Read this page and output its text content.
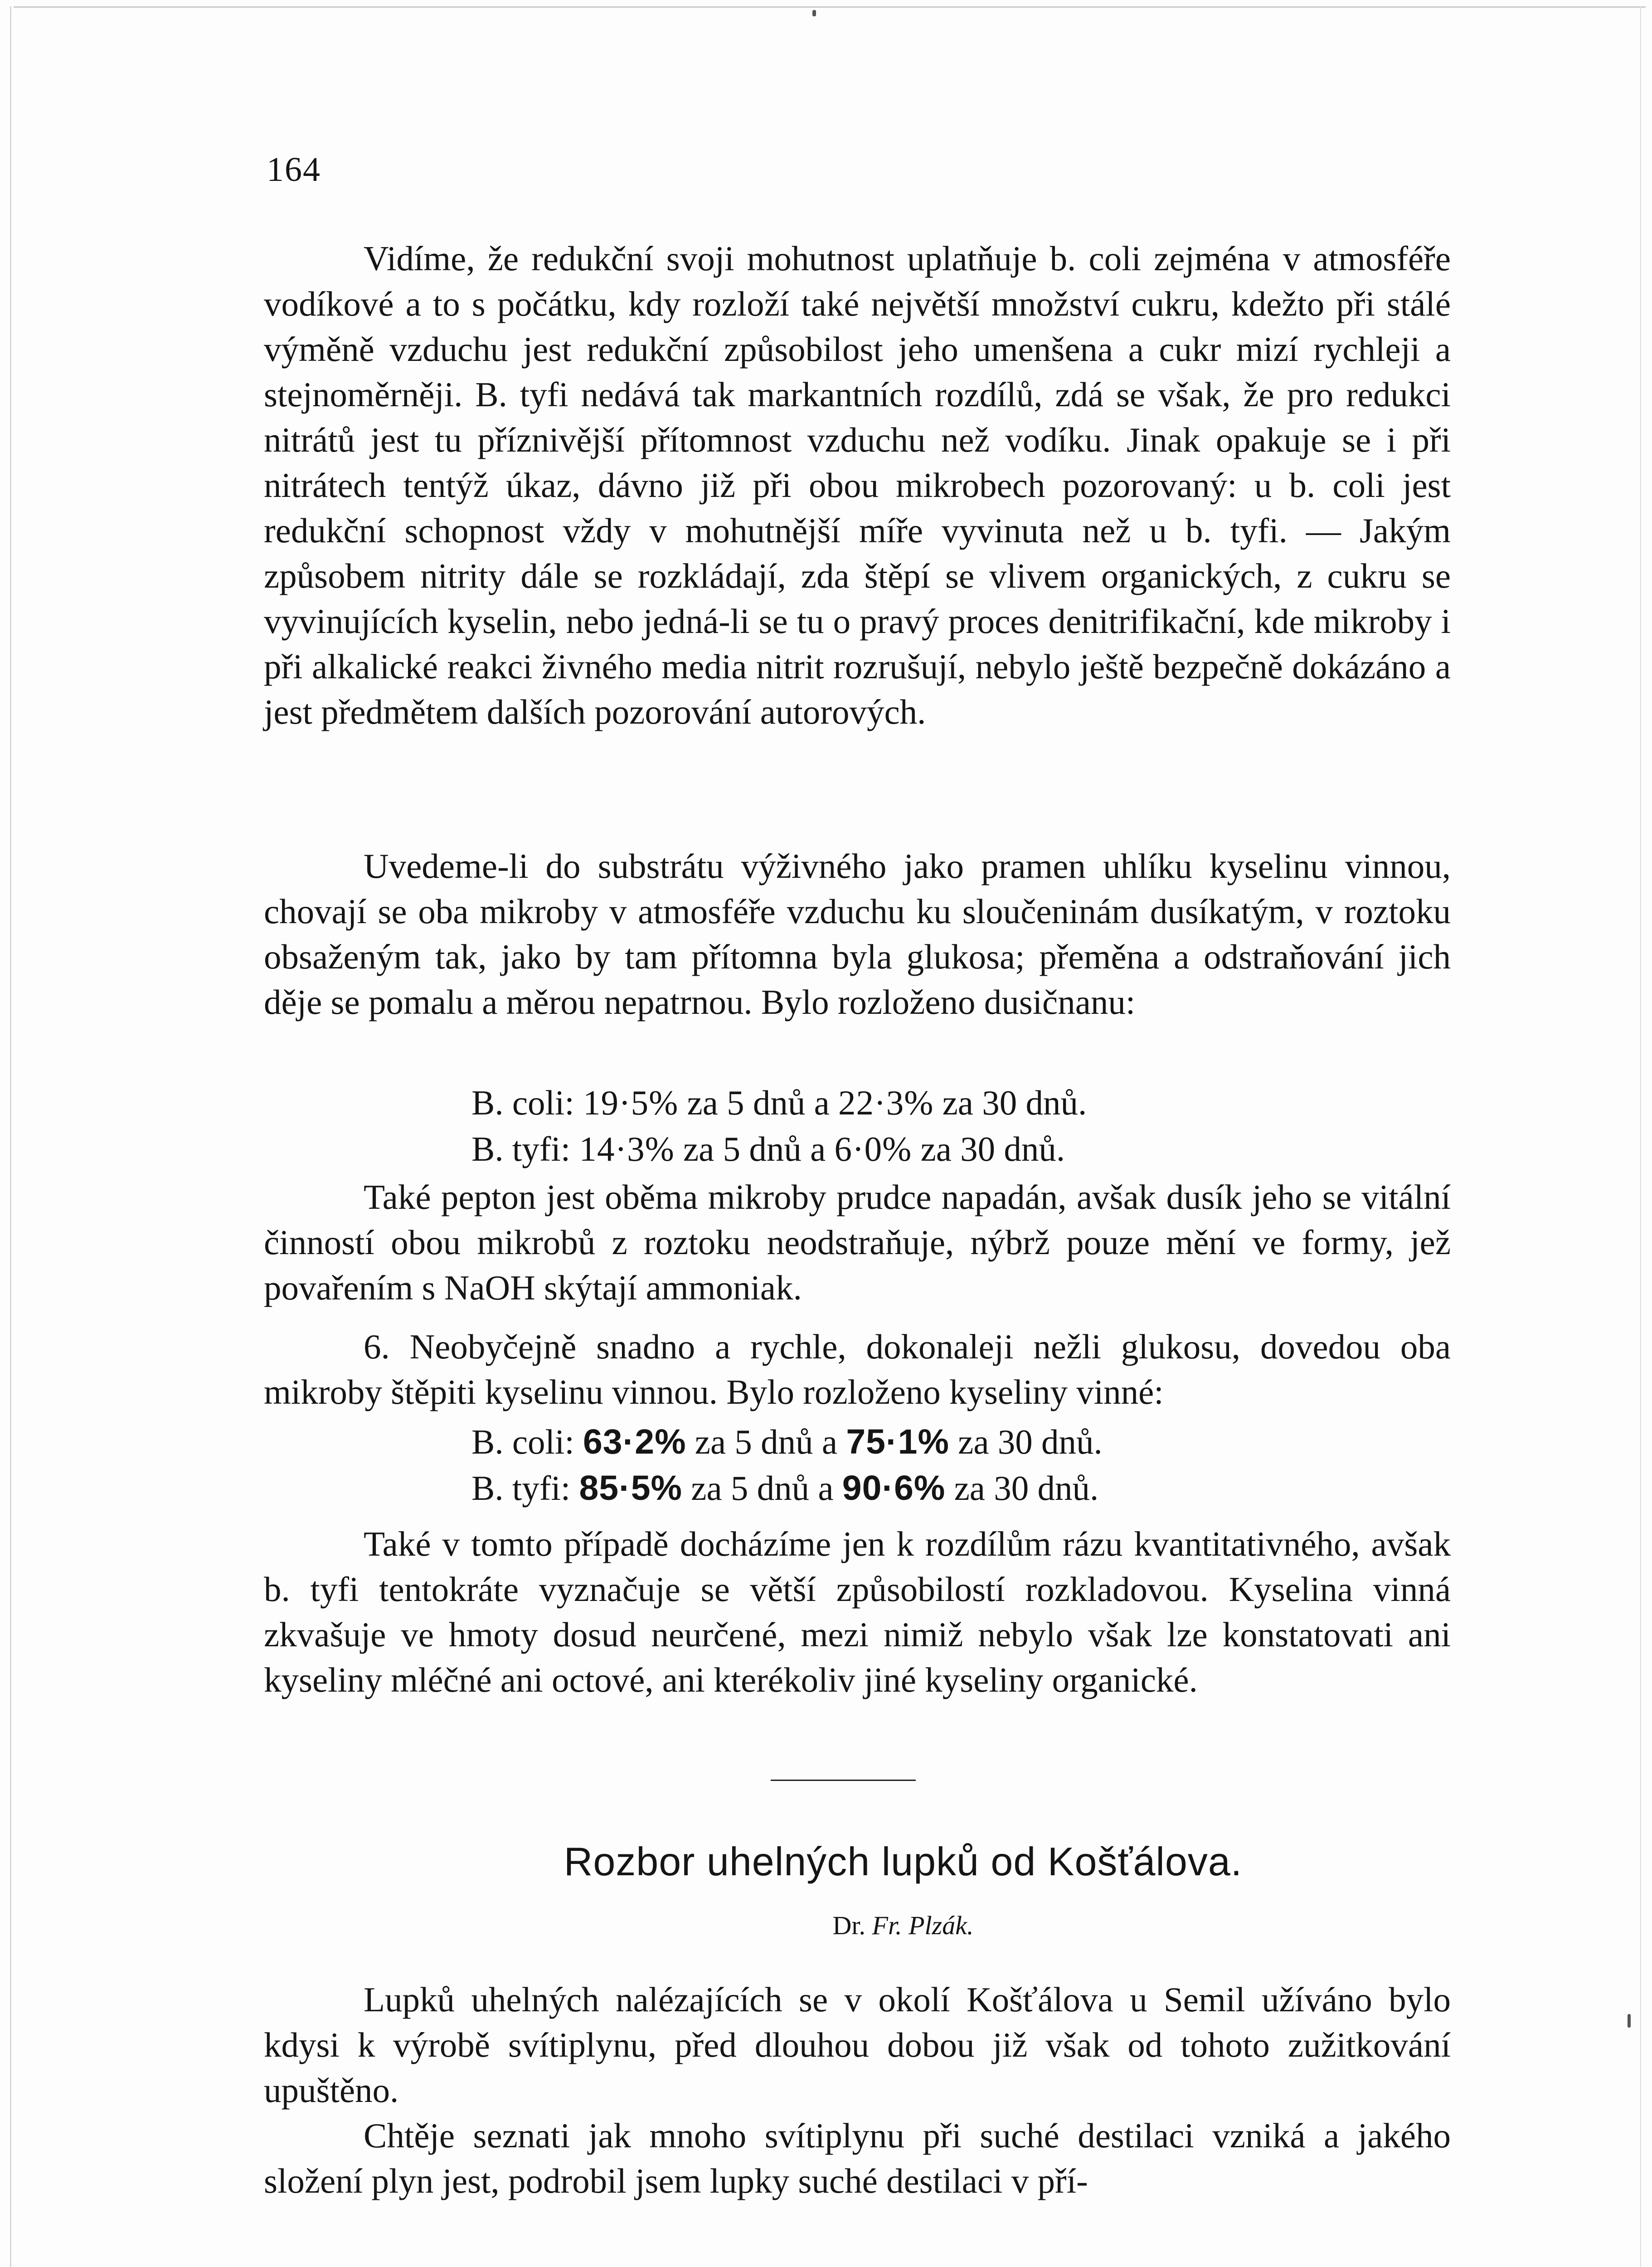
164

Vidíme, že redukční svoji mohutnost uplatňuje b. coli zejména v atmosféře vodíkové a to s počátku, kdy rozloží také největší množství cukru, kdežto při stálé výměně vzduchu jest redukční způsobilost jeho umenšena a cukr mizí rychleji a stejnoměrněji. B. tyfi nedává tak markantních rozdílů, zdá se však, že pro redukci nitrátů jest tu příznivější přítomnost vzduchu než vodíku. Jinak opakuje se i při nitrátech tentýž úkaz, dávno již při obou mikrobech pozorovaný: u b. coli jest redukční schopnost vždy v mohutnější míře vyvinuta než u b. tyfi. — Jakým způsobem nitrity dále se rozkládají, zda štěpí se vlivem organických, z cukru se vyvinujících kyselin, nebo jedná-li se tu o pravý proces denitrifikační, kde mikroby i při alkalické reakci živného media nitrit rozrušují, nebylo ještě bezpečně dokázáno a jest předmětem dalších pozorování autorových.

Uvedeme-li do substrátu výživného jako pramen uhlíku kyselinu vinnou, chovají se oba mikroby v atmosféře vzduchu ku sloučeninám dusíkatým, v roztoku obsaženým tak, jako by tam přítomna byla glukosa; přeměna a odstraňování jich děje se pomalu a měrou nepatrnou. Bylo rozloženo dusičnanu:

B. coli: 19·5% za 5 dnů a 22·3% za 30 dnů.
B. tyfi: 14·3% za 5 dnů a 6·0% za 30 dnů.

Také pepton jest oběma mikroby prudce napadán, avšak dusík jeho se vitální činností obou mikrobů z roztoku neodstraňuje, nýbrž pouze mění ve formy, jež povařením s NaOH skýtají ammoniak.

6. Neobyčejně snadno a rychle, dokonaleji nežli glukosu, dovedou oba mikroby štěpiti kyselinu vinnou. Bylo rozloženo kyseliny vinné:

B. coli: 63·2% za 5 dnů a 75·1% za 30 dnů.
B. tyfi: 85·5% za 5 dnů a 90·6% za 30 dnů.

Také v tomto případě docházíme jen k rozdílům rázu kvantitativného, avšak b. tyfi tentokráte vyznačuje se větší způsobilostí rozkladovou. Kyselina vinná zkvašuje ve hmoty dosud neurčené, mezi nimiž nebylo však lze konstatovati ani kyseliny mléčné ani octové, ani kterékoliv jiné kyseliny organické.

Rozbor uhelných lupků od Košťálova.
Dr. Fr. Plzák.

Lupků uhelných nalézajících se v okolí Košťálova u Semil užíváno bylo kdysi k výrobě svítiplynu, před dlouhou dobou již však od tohoto zužitkování upuštěno.

Chtěje seznati jak mnoho svítiplynu při suché destilaci vzniká a jakého složení plyn jest, podrobil jsem lupky suché destilaci v pří-
